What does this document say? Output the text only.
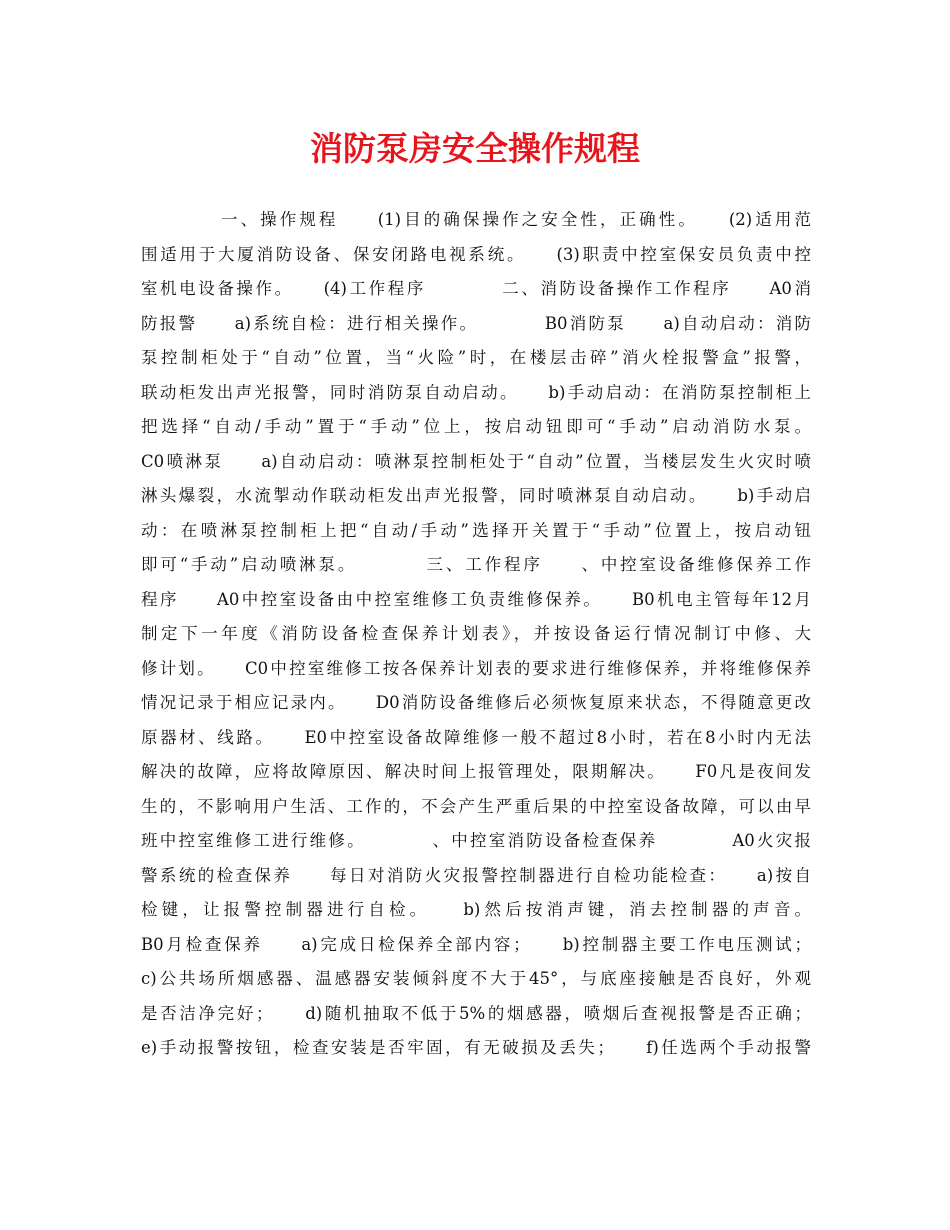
消防泵房安全操作规程
一、操作规程　　(1)目的确保操作之安全性，正确性。　　(2)适用范
围适用于大厦消防设备、保安闭路电视系统。　　(3)职责中控室保安员负责中控
室机电设备操作。　　(4)工作程序　　　　二、消防设备操作工作程序　　A0消
防报警　　a)系统自检：进行相关操作。　　　　B0消防泵　　a)自动启动：消防
泵控制柜处于“自动”位置，当“火险”时，在楼层击碎”消火栓报警盒”报警，
联动柜发出声光报警，同时消防泵自动启动。　　b)手动启动：在消防泵控制柜上
把选择“自动/手动”置于“手动”位上，按启动钮即可“手动”启动消防水泵。
C0喷淋泵　　a)自动启动：喷淋泵控制柜处于“自动”位置，当楼层发生火灾时喷
淋头爆裂，水流掣动作联动柜发出声光报警，同时喷淋泵自动启动。　　b)手动启
动：在喷淋泵控制柜上把“自动/手动”选择开关置于“手动”位置上，按启动钮
即可“手动”启动喷淋泵。　　　　三、工作程序　　、中控室设备维修保养工作
程序　　A0中控室设备由中控室维修工负责维修保养。　　B0机电主管每年12月
制定下一年度《消防设备检查保养计划表》，并按设备运行情况制订中修、大
修计划。　　C0中控室维修工按各保养计划表的要求进行维修保养，并将维修保养
情况记录于相应记录内。　　D0消防设备维修后必须恢复原来状态，不得随意更改
原器材、线路。　　E0中控室设备故障维修一般不超过8小时，若在8小时内无法
解决的故障，应将故障原因、解决时间上报管理处，限期解决。　　F0凡是夜间发
生的，不影响用户生活、工作的，不会产生严重后果的中控室设备故障，可以由早
班中控室维修工进行维修。　　　　、中控室消防设备检查保养　　　　A0火灾报
警系统的检查保养　　每日对消防火灾报警控制器进行自检功能检查：　　a)按自
检键，让报警控制器进行自检。　　b)然后按消声键，消去控制器的声音。
B0月检查保养　　a)完成日检保养全部内容；　　b)控制器主要工作电压测试；
c)公共场所烟感器、温感器安装倾斜度不大于45°，与底座接触是否良好，外观
是否洁净完好；　　d)随机抽取不低于5%的烟感器，喷烟后查视报警是否正确；
e)手动报警按钮，检查安装是否牢固，有无破损及丢失；　　f)任选两个手动报警
